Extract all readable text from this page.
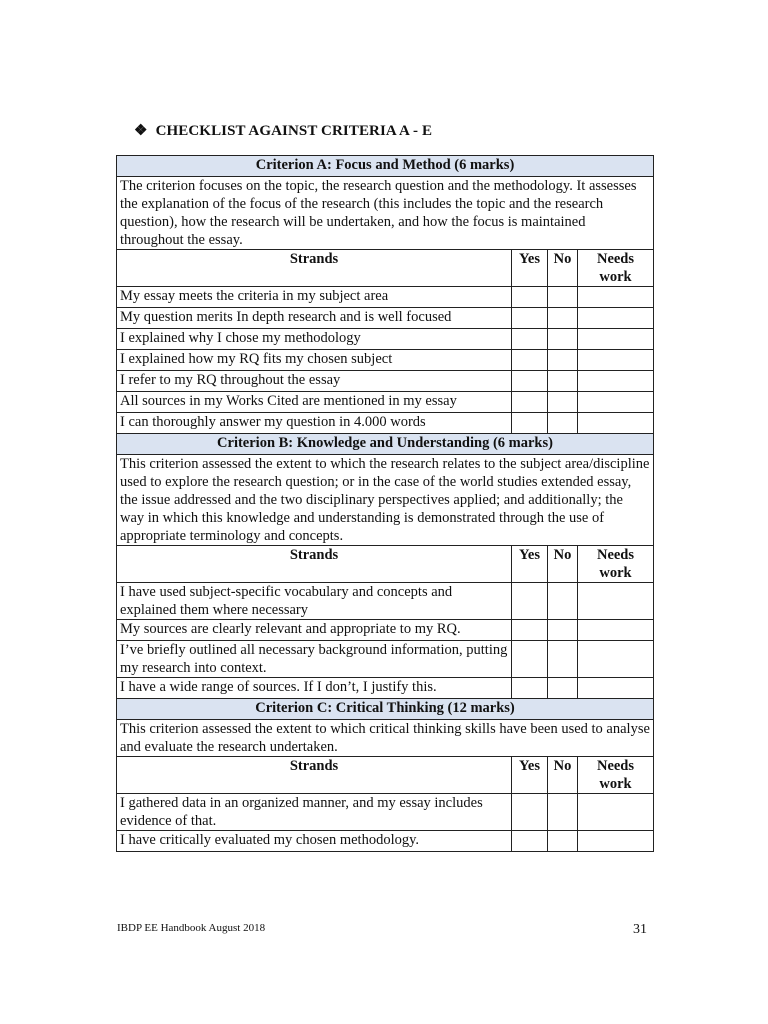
❖ CHECKLIST AGAINST CRITERIA A - E
Criterion A: Focus and Method (6 marks)			
The criterion focuses on the topic, the research question and the methodology. It assesses the explanation of the focus of the research (this includes the topic and the research question), how the research will be undertaken, and how the focus is maintained throughout the essay.			
Strands	Yes	No	Needs
work
My essay meets the criteria in my subject area			
My question merits In depth research and is well focused			
I explained why I chose my methodology			
I explained how my RQ fits my chosen subject			
I refer to my RQ throughout the essay			
All sources in my Works Cited are mentioned in my essay			
I can thoroughly answer my question in 4.000 words			
Criterion B: Knowledge and Understanding (6 marks)			
This criterion assessed the extent to which the research relates to the subject area/discipline used to explore the research question; or in the case of the world studies extended essay, the issue addressed and the two disciplinary perspectives applied; and additionally; the way in which this knowledge and understanding is demonstrated through the use of appropriate terminology and concepts.			
Strands	Yes	No	Needs
work
I have used subject-specific vocabulary and concepts and explained them where necessary			
My sources are clearly relevant and appropriate to my RQ.			
I’ve briefly outlined all necessary background information, putting my research into context.			
I have a wide range of sources. If I don’t, I justify this.			
Criterion C: Critical Thinking (12 marks)			
This criterion assessed the extent to which critical thinking skills have been used to analyse and evaluate the research undertaken.			
Strands	Yes	No	Needs
work
I gathered data in an organized manner, and my essay includes evidence of that.			
I have critically evaluated my chosen methodology.			
IBDP EE Handbook August 2018	31
